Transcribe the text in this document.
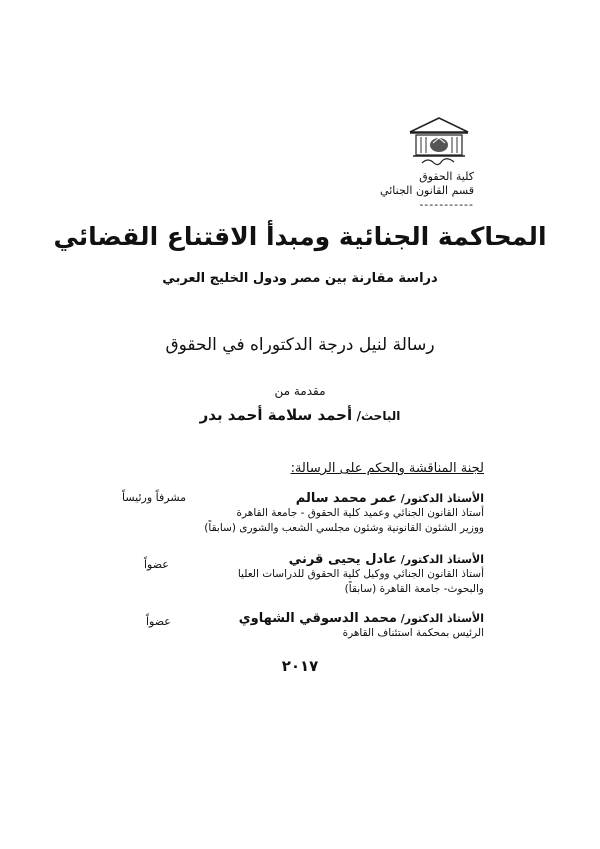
كلية الحقوق
قسم القانون الجنائي
-----------
المحاكمة الجنائية ومبدأ الاقتناع القضائي
دراسة مقارنة بين مصر ودول الخليج العربي
رسالة لنيل درجة الدكتوراه في الحقوق
مقدمة من
الباحث/ أحمد سلامة أحمد بدر
لجنة المناقشة والحكم على الرسالة:
الأستاذ الدكتور/ عمر محمد سالم
أستاذ القانون الجنائي وعميد كلية الحقوق - جامعة القاهرة
ووزير الشئون القانونية وشئون مجلسي الشعب والشورى (سابقاً)
مشرفاً ورئيساً
الأستاذ الدكتور/ عادل يحيى قرني
أستاذ القانون الجنائي ووكيل كلية الحقوق للدراسات العليا
والبحوث- جامعة القاهرة (سابقاً)
عضواً
الأستاذ الدكتور/ محمد الدسوقي الشهاوي
الرئيس بمحكمة استئناف القاهرة
عضواً
٢٠١٧
